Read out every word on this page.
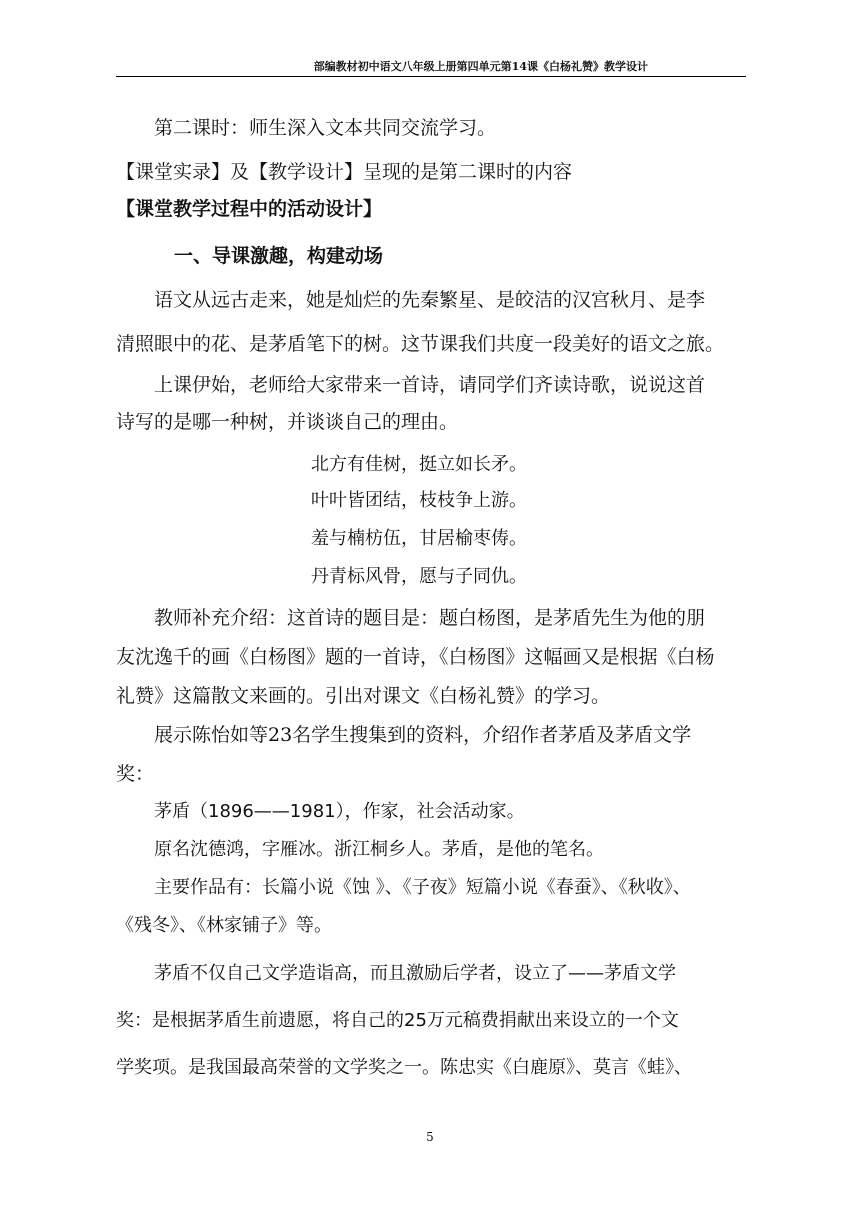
部编教材初中语文八年级上册第四单元第14课《白杨礼赞》教学设计
第二课时：师生深入文本共同交流学习。
【课堂实录】及【教学设计】呈现的是第二课时的内容
【课堂教学过程中的活动设计】
一、导课激趣，构建动场
语文从远古走来，她是灿烂的先秦繁星、是皎洁的汉宫秋月、是李
清照眼中的花、是茅盾笔下的树。这节课我们共度一段美好的语文之旅。
上课伊始，老师给大家带来一首诗，请同学们齐读诗歌，说说这首
诗写的是哪一种树，并谈谈自己的理由。
北方有佳树，挺立如长矛。
叶叶皆团结，枝枝争上游。
羞与楠枋伍，甘居榆枣俦。
丹青标风骨，愿与子同仇。
教师补充介绍：这首诗的题目是：题白杨图，是茅盾先生为他的朋
友沈逸千的画《白杨图》题的一首诗，《白杨图》这幅画又是根据《白杨
礼赞》这篇散文来画的。引出对课文《白杨礼赞》的学习。
展示陈怡如等23名学生搜集到的资料，介绍作者茅盾及茅盾文学
奖：
茅盾（1896——1981），作家，社会活动家。
原名沈德鸿，字雁冰。浙江桐乡人。茅盾，是他的笔名。
主要作品有：长篇小说《蚀 》、《子夜》短篇小说《春蚕》、《秋收》、
《残冬》、《林家铺子》等。
茅盾不仅自己文学造诣高，而且激励后学者，设立了——茅盾文学
奖：是根据茅盾生前遗愿，将自己的25万元稿费捐献出来设立的一个文
学奖项。是我国最高荣誉的文学奖之一。陈忠实《白鹿原》、莫言《蛙》、
5
